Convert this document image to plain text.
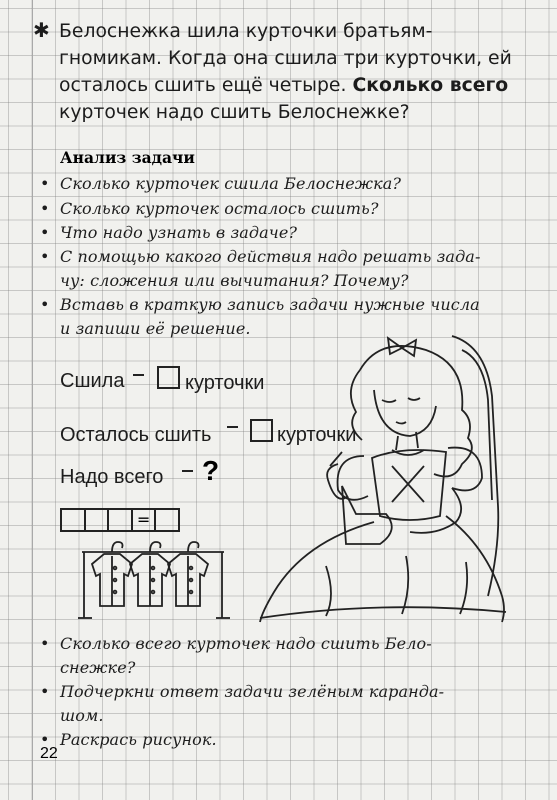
✱ Белоснежка шила курточки братьям-
гномикам. Когда она сшила три курточки, ей
осталось сшить ещё четыре. Сколько всего
курточек надо сшить Белоснежке?
Анализ задачи
• Сколько курточек сшила Белоснежка?
• Сколько курточек осталось сшить?
• Что надо узнать в задаче?
• С помощью какого действия надо решать зада-
чу: сложения или вычитания? Почему?
• Вставь в краткую запись задачи нужные числа
и запиши её решение.
Сшила	курточки
Осталось сшить	курточки
Надо всего ?
=
• Сколько всего курточек надо сшить Бело-
снежке?
• Подчеркни ответ задачи зелёным каранда-
шом.
• Раскрась рисунок.
22
